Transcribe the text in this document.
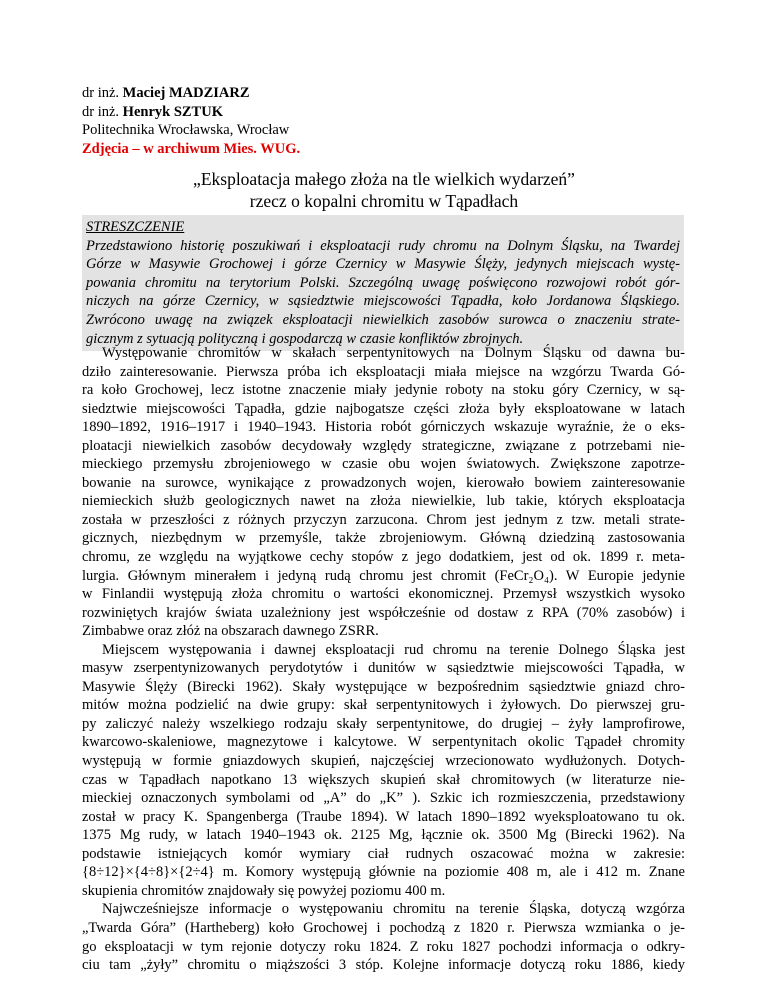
dr inż. Maciej MADZIARZ
dr inż. Henryk SZTUK
Politechnika Wrocławska, Wrocław
Zdjęcia – w archiwum Mies. WUG.
„Eksploatacja małego złoża na tle wielkich wydarzeń”
rzecz o kopalni chromitu w Tąpadłach
STRESZCZENIE
Przedstawiono historię poszukiwań i eksploatacji rudy chromu na Dolnym Śląsku, na Twardej
Górze w Masywie Grochowej i górze Czernicy w Masywie Ślęży, jedynych miejscach wystę-
powania chromitu na terytorium Polski. Szczególną uwagę poświęcono rozwojowi robót gór-
niczych na górze Czernicy, w sąsiedztwie miejscowości Tąpadła, koło Jordanowa Śląskiego.
Zwrócono uwagę na związek eksploatacji niewielkich zasobów surowca o znaczeniu strate-
gicznym z sytuacją polityczną i gospodarczą w czasie konfliktów zbrojnych.
Występowanie chromitów w skałach serpentynitowych na Dolnym Śląsku od dawna bu-
dziło zainteresowanie. Pierwsza próba ich eksploatacji miała miejsce na wzgórzu Twarda Gó-
ra koło Grochowej, lecz istotne znaczenie miały jedynie roboty na stoku góry Czernicy, w są-
siedztwie miejscowości Tąpadła, gdzie najbogatsze części złoża były eksploatowane w latach
1890–1892, 1916–1917 i 1940–1943. Historia robót górniczych wskazuje wyraźnie, że o eks-
ploatacji niewielkich zasobów decydowały względy strategiczne, związane z potrzebami nie-
mieckiego przemysłu zbrojeniowego w czasie obu wojen światowych. Zwiększone zapotrze-
bowanie na surowce, wynikające z prowadzonych wojen, kierowało bowiem zainteresowanie
niemieckich służb geologicznych nawet na złoża niewielkie, lub takie, których eksploatacja
została w przeszłości z różnych przyczyn zarzucona. Chrom jest jednym z tzw. metali strate-
gicznych, niezbędnym w przemyśle, także zbrojeniowym. Główną dziedziną zastosowania
chromu, ze względu na wyjątkowe cechy stopów z jego dodatkiem, jest od ok. 1899 r. meta-
lurgia. Głównym minerałem i jedyną rudą chromu jest chromit (FeCr₂O₄). W Europie jedynie
w Finlandii występują złoża chromitu o wartości ekonomicznej. Przemysł wszystkich wysoko
rozwiniętych krajów świata uzależniony jest współcześnie od dostaw z RPA (70% zasobów) i
Zimbabwe oraz złóż na obszarach dawnego ZSRR.
Miejscem występowania i dawnej eksploatacji rud chromu na terenie Dolnego Śląska jest
masyw zserpentynizowanych perydotytów i dunitów w sąsiedztwie miejscowości Tąpadła, w
Masywie Ślęży (Birecki 1962). Skały występujące w bezpośrednim sąsiedztwie gniazd chro-
mitów można podzielić na dwie grupy: skał serpentynitowych i żyłowych. Do pierwszej gru-
py zaliczyć należy wszelkiego rodzaju skały serpentynitowe, do drugiej – żyły lamprofirowe,
kwarcowo-skaleniowe, magnezytowe i kalcytowe. W serpentynitach okolic Tąpadeł chromity
występują w formie gniazdowych skupień, najczęściej wrzecionowato wydłużonych. Dotych-
czas w Tąpadłach napotkano 13 większych skupień skał chromitowych (w literaturze nie-
mieckiej oznaczonych symbolami od „A” do „K” ). Szkic ich rozmieszczenia, przedstawiony
został w pracy K. Spangenberga (Traube 1894). W latach 1890–1892 wyeksploatowano tu ok.
1375 Mg rudy, w latach 1940–1943 ok. 2125 Mg, łącznie ok. 3500 Mg (Birecki 1962). Na
podstawie istniejących komór wymiary ciał rudnych oszacować można w zakresie:
{8÷12}×{4÷8}×{2÷4} m. Komory występują głównie na poziomie 408 m, ale i 412 m. Znane
skupienia chromitów znajdowały się powyżej poziomu 400 m.
Najwcześniejsze informacje o występowaniu chromitu na terenie Śląska, dotyczą wzgórza
„Twarda Góra” (Hartheberg) koło Grochowej i pochodzą z 1820 r. Pierwsza wzmianka o je-
go eksploatacji w tym rejonie dotyczy roku 1824. Z roku 1827 pochodzi informacja o odkry-
ciu tam „żyły” chromitu o miąższości 3 stóp. Kolejne informacje dotyczą roku 1886, kiedy
